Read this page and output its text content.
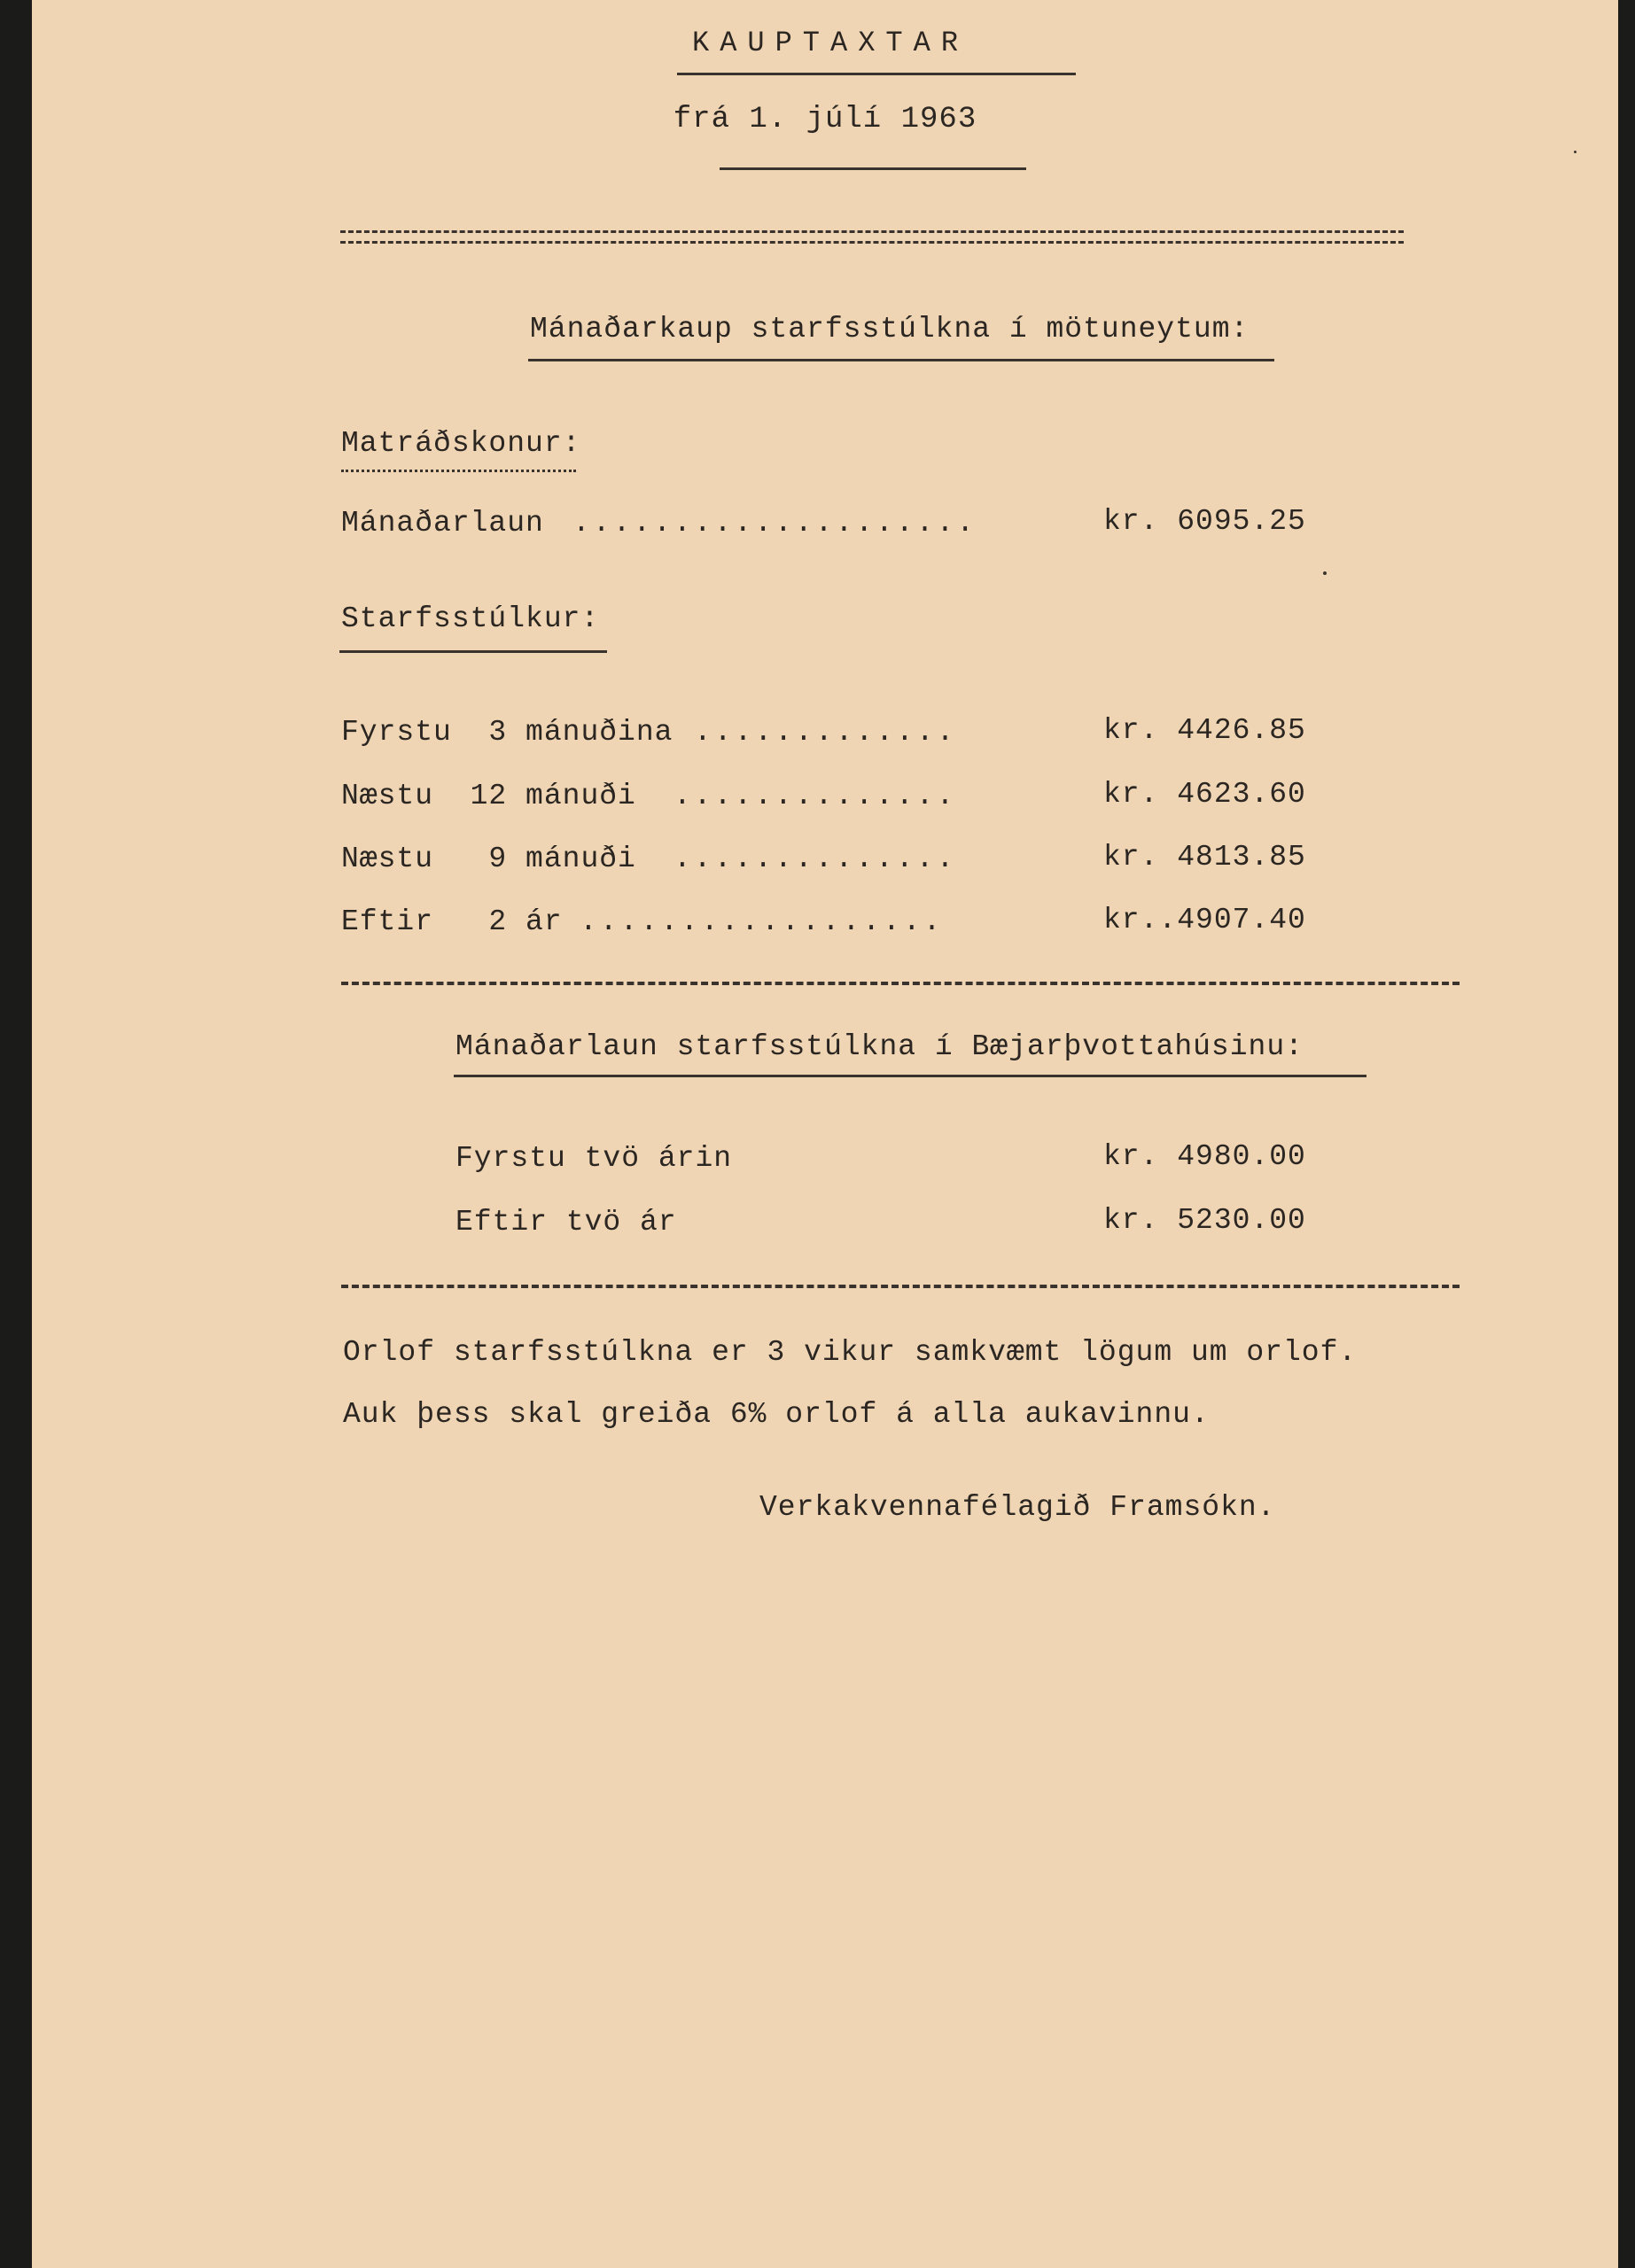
KAUPTAXTAR
frá 1. júlí 1963
Mánaðarkaup starfsstúlkna í mötuneytum:
Matráðskonur:
Mánaðarlaun ....................	kr. 6095.25
Starfsstúlkur:
Fyrstu  3 mánuðina .............	kr. 4426.85
Næstu  12 mánuði ..............	kr. 4623.60
Næstu   9 mánuði ..............	kr. 4813.85
Eftir   2 ár ..................	kr..4907.40
Mánaðarlaun starfsstúlkna í Bæjarþvottahúsinu:
Fyrstu tvö árin	kr. 4980.00
Eftir tvö ár	kr. 5230.00
Orlof starfsstúlkna er 3 vikur samkvæmt lögum um orlof.
Auk þess skal greiða 6% orlof á alla aukavinnu.
Verkakvennafélagið Framsókn.
